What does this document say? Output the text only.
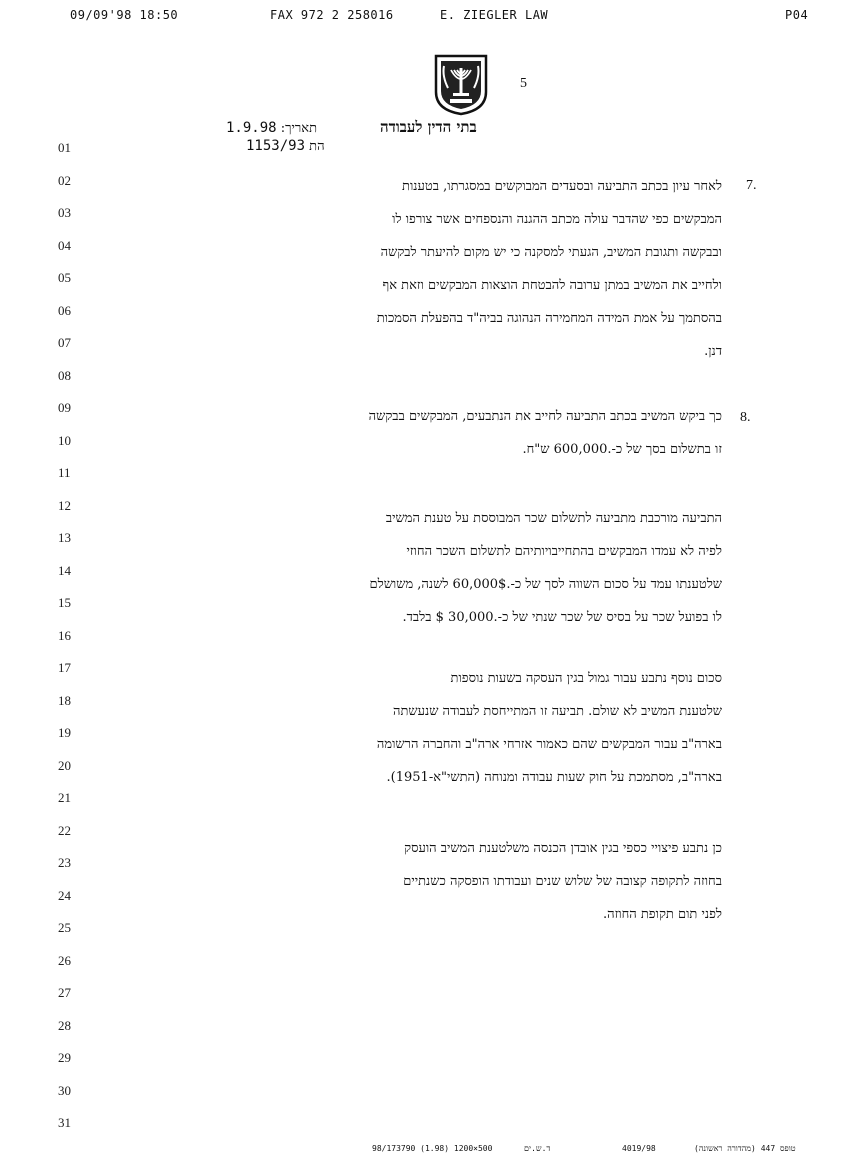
09/09'98 18:50	FAX 972 2 258016	E. ZIEGLER LAW	P04
5
בתי הדין לעבודה
תאריך: 1.9.98
הת 1153/93
01
02
03
04
05
06
07
08
09
10
11
12
13
14
15
16
17
18
19
20
21
22
23
24
25
26
27
28
29
30
31
7.
לאחר עיון בכתב התביעה ובסעדים המבוקשים במסגרתו, בטענות
המבקשים כפי שהדבר עולה מכתב ההגנה והנספחים אשר צורפו לו
ובבקשה ותגובת המשיב, הגעתי למסקנה כי יש מקום להיעתר לבקשה
ולחייב את המשיב במתן ערובה להבטחת הוצאות המבקשים וזאת אף
בהסתמך על אמת המידה המחמירה הנהוגה בביה"ד בהפעלת הסמכות
דנן.
8.
כך ביקש המשיב בכתב התביעה לחייב את הנתבעים, המבקשים בבקשה
זו בתשלום בסך של כ-.600,000 ש"ח.
התביעה מורכבת מתביעה לתשלום שכר המבוססת על טענת המשיב
לפיה לא עמדו המבקשים בהתחייבויותיהם לתשלום השכר החוזי
שלטענתו עמד על סכום השווה לסך של כ-.60,000$ לשנה, משושלם
לו בפועל שכר על בסיס של שכר שנתי של כ-.30,000 $ בלבד.
סכום נוסף נתבע עבור גמול בגין העסקה בשעות נוספות
שלטענת המשיב לא שולם. תביעה זו המתייחסת לעבודה שנעשתה
בארה"ב עבור המבקשים שהם כאמור אזרחי ארה"ב והחברה הרשומה
בארה"ב, מסתמכת על חוק שעות עבודה ומנוחה (התשי"א-1951).
כן נתבע פיצויי כספי בגין אובדן הכנסה משלטענת המשיב הועסק
בחוזה לתקופה קצובה של שלוש שנים ועבודתו הופסקה כשנתיים
לפני תום תקופת החוזה.
98/173790 (1.98) 1200×500	ד.ש.ים	4019/98	טופס 447 (מהדורה ראשונה)
